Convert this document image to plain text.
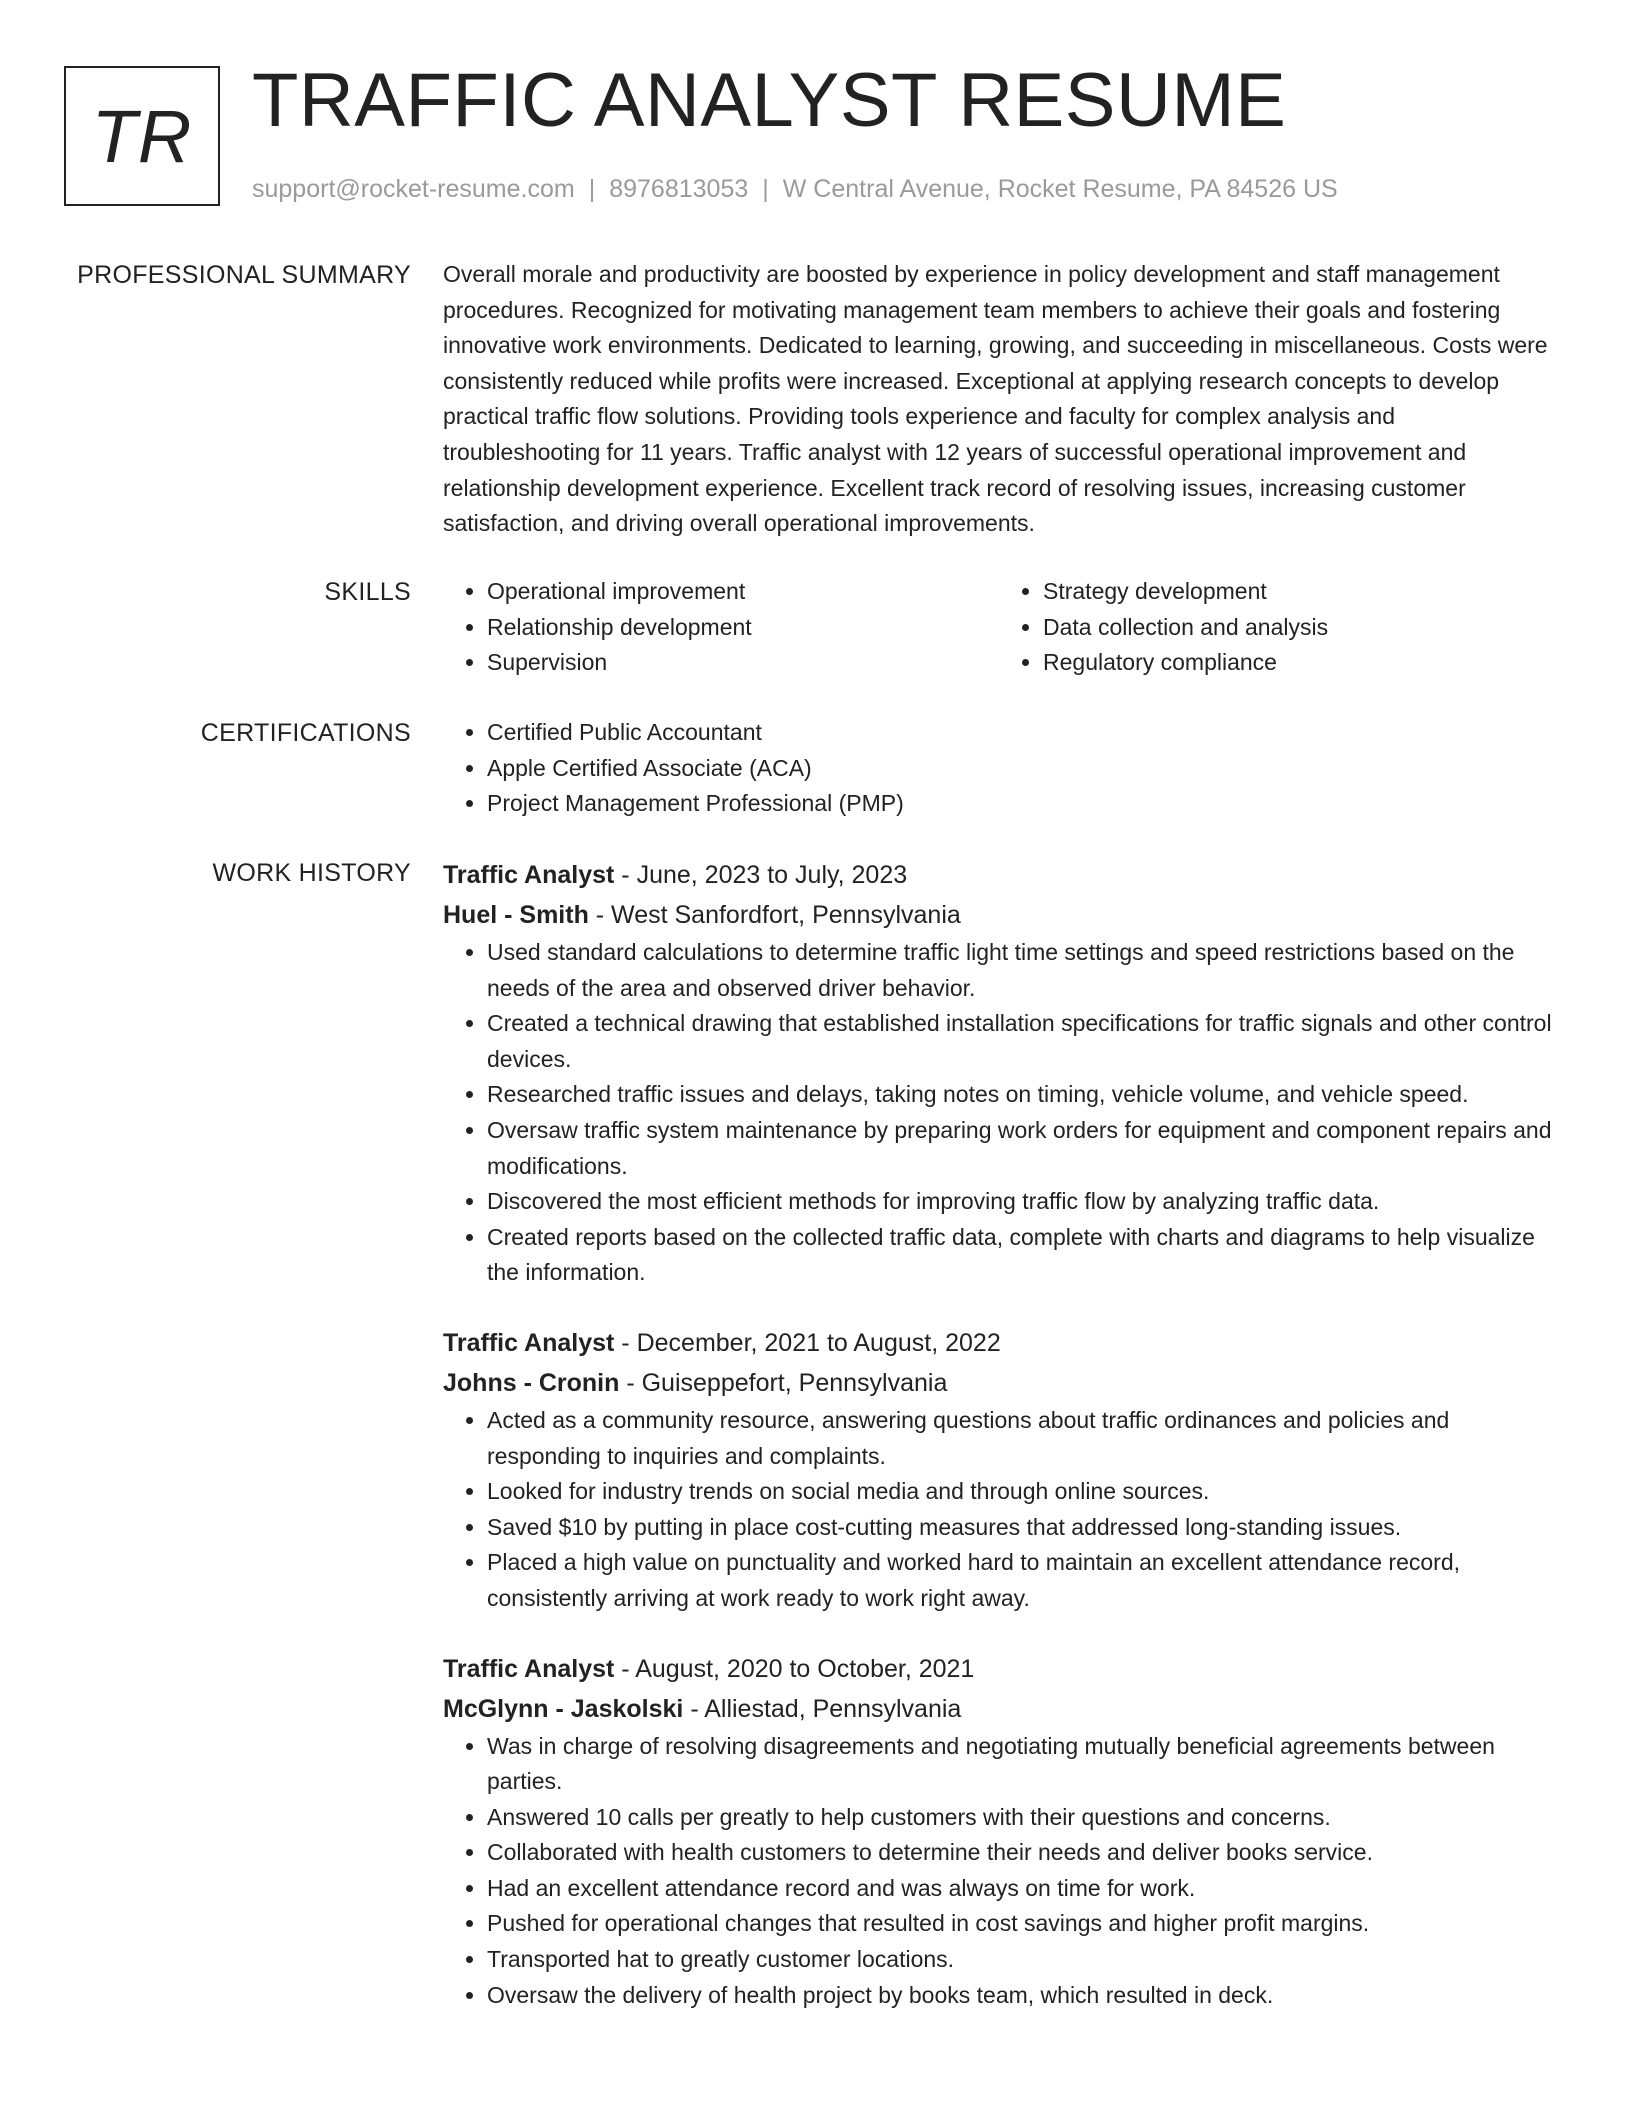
TR TRAFFIC ANALYST RESUME
support@rocket-resume.com | 8976813053 | W Central Avenue, Rocket Resume, PA 84526 US
PROFESSIONAL SUMMARY Overall morale and productivity are boosted by experience in policy development and staff management procedures. Recognized for motivating management team members to achieve their goals and fostering innovative work environments. Dedicated to learning, growing, and succeeding in miscellaneous. Costs were consistently reduced while profits were increased. Exceptional at applying research concepts to develop practical traffic flow solutions. Providing tools experience and faculty for complex analysis and troubleshooting for 11 years. Traffic analyst with 12 years of successful operational improvement and relationship development experience. Excellent track record of resolving issues, increasing customer satisfaction, and driving overall operational improvements.

SKILLS	• Operational improvement
• Relationship development
• Supervision
• Strategy development
• Data collection and analysis
• Regulatory compliance
CERTIFICATIONS	• Certified Public Accountant
• Apple Certified Associate (ACA)
• Project Management Professional (PMP)
WORK HISTORY Traffic Analyst - June, 2023 to July, 2023
Huel - Smith - West Sanfordfort, Pennsylvania
• Used standard calculations to determine traffic light time settings and speed restrictions based on the needs of the area and observed driver behavior.
• Created a technical drawing that established installation specifications for traffic signals and other control devices.
• Researched traffic issues and delays, taking notes on timing, vehicle volume, and vehicle speed.
• Oversaw traffic system maintenance by preparing work orders for equipment and component repairs and modifications.
• Discovered the most efficient methods for improving traffic flow by analyzing traffic data.
• Created reports based on the collected traffic data, complete with charts and diagrams to help visualize the information.
Traffic Analyst - December, 2021 to August, 2022
Johns - Cronin - Guiseppefort, Pennsylvania
• Acted as a community resource, answering questions about traffic ordinances and policies and responding to inquiries and complaints.
• Looked for industry trends on social media and through online sources.
• Saved $10 by putting in place cost-cutting measures that addressed long-standing issues.
• Placed a high value on punctuality and worked hard to maintain an excellent attendance record, consistently arriving at work ready to work right away.
Traffic Analyst - August, 2020 to October, 2021
McGlynn - Jaskolski - Alliestad, Pennsylvania
• Was in charge of resolving disagreements and negotiating mutually beneficial agreements between parties.
• Answered 10 calls per greatly to help customers with their questions and concerns.
• Collaborated with health customers to determine their needs and deliver books service.
• Had an excellent attendance record and was always on time for work.
• Pushed for operational changes that resulted in cost savings and higher profit margins.
• Transported hat to greatly customer locations.
• Oversaw the delivery of health project by books team, which resulted in deck.
